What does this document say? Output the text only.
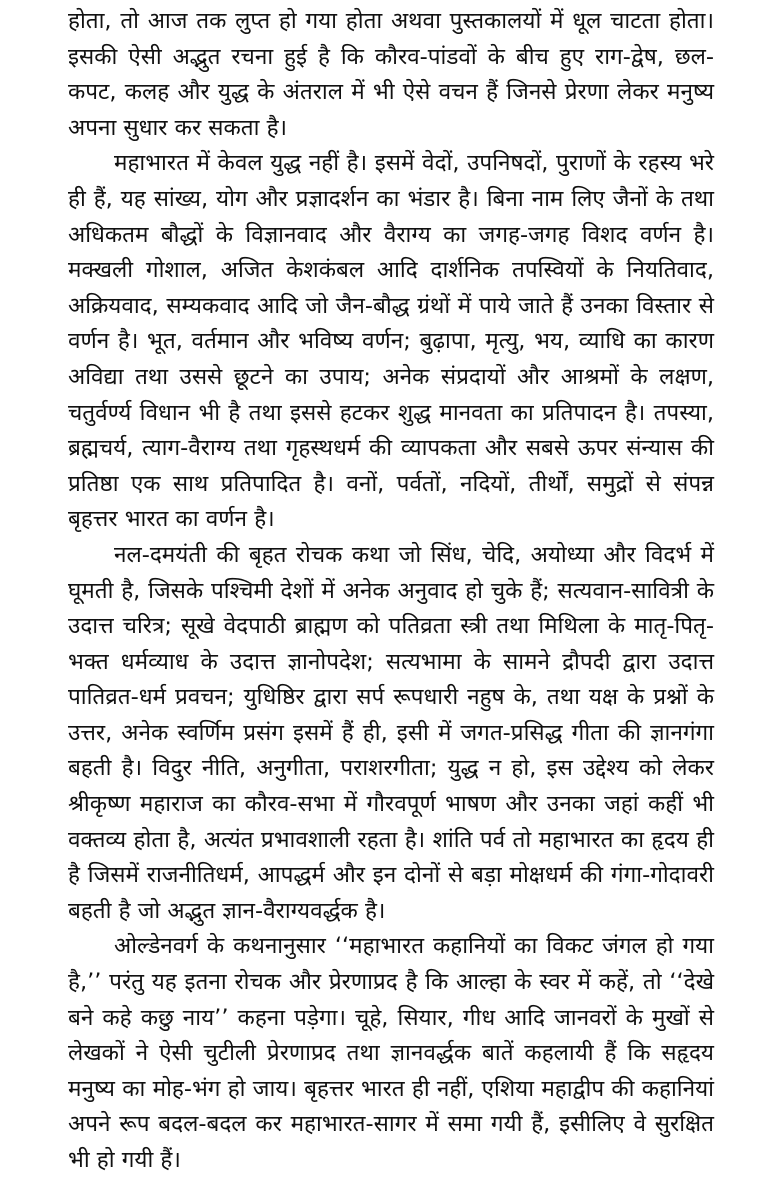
होता, तो आज तक लुप्त हो गया होता अथवा पुस्तकालयों में धूल चाटता होता। इसकी ऐसी अद्भुत रचना हुई है कि कौरव-पांडवों के बीच हुए राग-द्वेष, छल-कपट, कलह और युद्ध के अंतराल में भी ऐसे वचन हैं जिनसे प्रेरणा लेकर मनुष्य अपना सुधार कर सकता है।

महाभारत में केवल युद्ध नहीं है। इसमें वेदों, उपनिषदों, पुराणों के रहस्य भरे ही हैं, यह सांख्य, योग और प्रज्ञादर्शन का भंडार है। बिना नाम लिए जैनों के तथा अधिकतम बौद्धों के विज्ञानवाद और वैराग्य का जगह-जगह विशद वर्णन है। मक्खली गोशाल, अजित केशकंबल आदि दार्शनिक तपस्वियों के नियतिवाद, अक्रियवाद, सम्यकवाद आदि जो जैन-बौद्ध ग्रंथों में पाये जाते हैं उनका विस्तार से वर्णन है। भूत, वर्तमान और भविष्य वर्णन; बुढ़ापा, मृत्यु, भय, व्याधि का कारण अविद्या तथा उससे छूटने का उपाय; अनेक संप्रदायों और आश्रमों के लक्षण, चतुर्वर्ण्य विधान भी है तथा इससे हटकर शुद्ध मानवता का प्रतिपादन है। तपस्या, ब्रह्मचर्य, त्याग-वैराग्य तथा गृहस्थधर्म की व्यापकता और सबसे ऊपर संन्यास की प्रतिष्ठा एक साथ प्रतिपादित है। वनों, पर्वतों, नदियों, तीर्थों, समुद्रों से संपन्न बृहत्तर भारत का वर्णन है।

नल-दमयंती की बृहत रोचक कथा जो सिंध, चेदि, अयोध्या और विदर्भ में घूमती है, जिसके पश्चिमी देशों में अनेक अनुवाद हो चुके हैं; सत्यवान-सावित्री के उदात्त चरित्र; सूखे वेदपाठी ब्राह्मण को पतिव्रता स्त्री तथा मिथिला के मातृ-पितृ-भक्त धर्मव्याध के उदात्त ज्ञानोपदेश; सत्यभामा के सामने द्रौपदी द्वारा उदात्त पातिव्रत-धर्म प्रवचन; युधिष्ठिर द्वारा सर्प रूपधारी नहुष के, तथा यक्ष के प्रश्नों के उत्तर, अनेक स्वर्णिम प्रसंग इसमें हैं ही, इसी में जगत-प्रसिद्ध गीता की ज्ञानगंगा बहती है। विदुर नीति, अनुगीता, पराशरगीता; युद्ध न हो, इस उद्देश्य को लेकर श्रीकृष्ण महाराज का कौरव-सभा में गौरवपूर्ण भाषण और उनका जहां कहीं भी वक्तव्य होता है, अत्यंत प्रभावशाली रहता है। शांति पर्व तो महाभारत का हृदय ही है जिसमें राजनीतिधर्म, आपद्धर्म और इन दोनों से बड़ा मोक्षधर्म की गंगा-गोदावरी बहती है जो अद्भुत ज्ञान-वैराग्यवर्द्धक है।

ओल्डेनवर्ग के कथनानुसार ‘‘महाभारत कहानियों का विकट जंगल हो गया है,’’ परंतु यह इतना रोचक और प्रेरणाप्रद है कि आल्हा के स्वर में कहें, तो ‘‘देखे बने कहे कछु नाय’’ कहना पड़ेगा। चूहे, सियार, गीध आदि जानवरों के मुखों से लेखकों ने ऐसी चुटीली प्रेरणाप्रद तथा ज्ञानवर्द्धक बातें कहलायी हैं कि सहृदय मनुष्य का मोह-भंग हो जाय। बृहत्तर भारत ही नहीं, एशिया महाद्वीप की कहानियां अपने रूप बदल-बदल कर महाभारत-सागर में समा गयी हैं, इसीलिए वे सुरक्षित भी हो गयी हैं।
